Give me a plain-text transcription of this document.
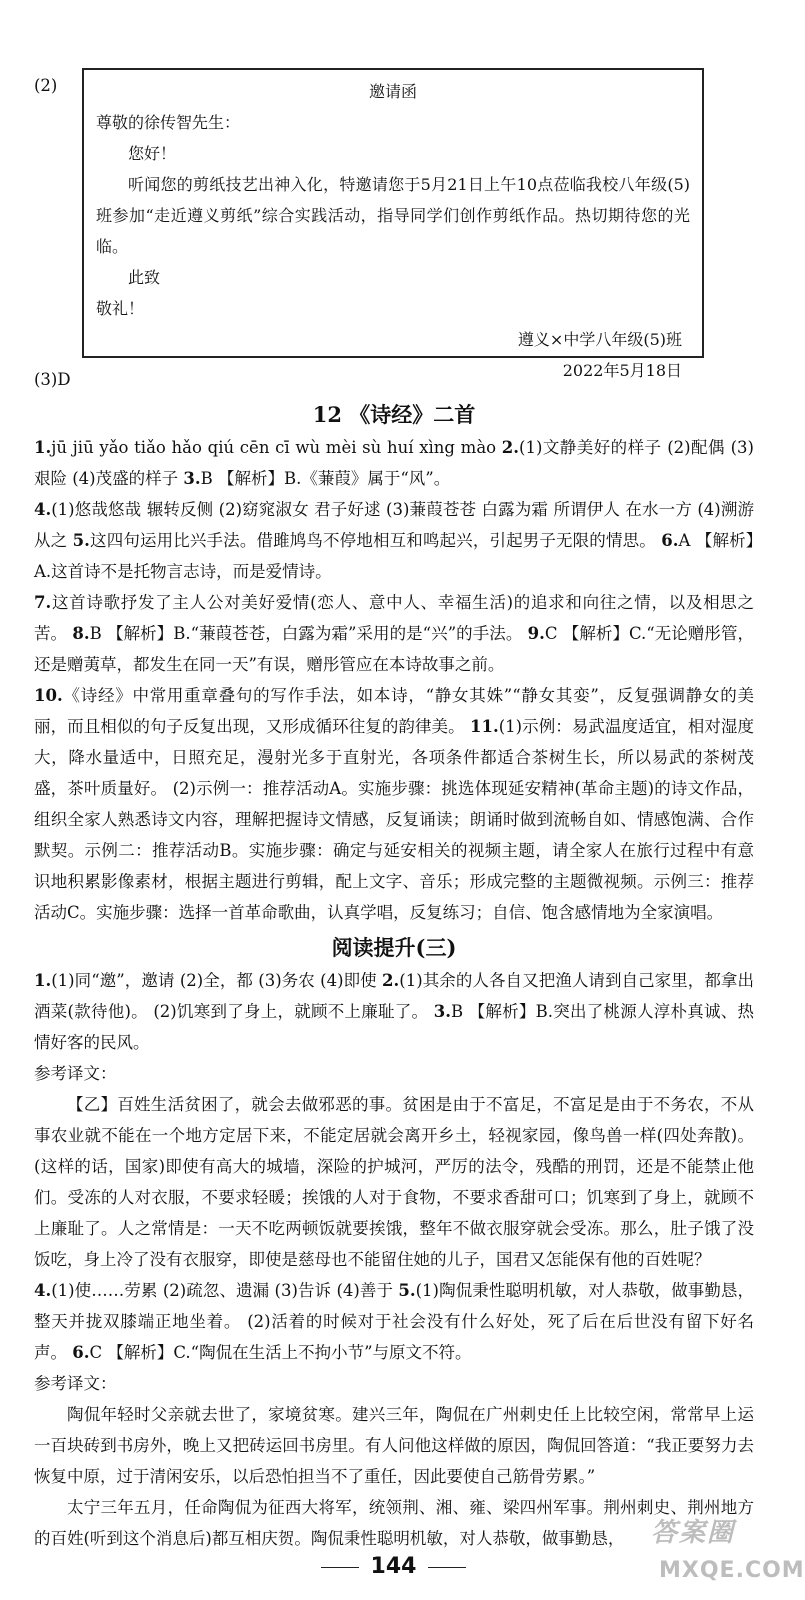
(2)	邀请函

尊敬的徐传智先生：

您好！

听闻您的剪纸技艺出神入化，特邀请您于5月21日上午10点莅临我校八年级(5)班参加“走近遵义剪纸”综合实践活动，指导同学们创作剪纸作品。热切期待您的光临。

此致

敬礼！

遵义×中学八年级(5)班

2022年5月18日

(3)D

12 《诗经》二首

1.jū jiū yǎo tiǎo hǎo qiú cēn cī wù mèi sù huí xìng mào 2.(1)文静美好的样子 (2)配偶 (3)艰险 (4)茂盛的样子 3.B 【解析】B.《蒹葭》属于“风”。

4.(1)悠哉悠哉 辗转反侧 (2)窈窕淑女 君子好逑 (3)蒹葭苍苍 白露为霜 所谓伊人 在水一方 (4)溯游从之 5.这四句运用比兴手法。借雎鸠鸟不停地相互和鸣起兴，引起男子无限的情思。 6.A 【解析】A.这首诗不是托物言志诗，而是爱情诗。

7.这首诗歌抒发了主人公对美好爱情(恋人、意中人、幸福生活)的追求和向往之情，以及相思之苦。 8.B 【解析】B.“蒹葭苍苍，白露为霜”采用的是“兴”的手法。 9.C 【解析】C.“无论赠彤管，还是赠荑草，都发生在同一天”有误，赠彤管应在本诗故事之前。

10.《诗经》中常用重章叠句的写作手法，如本诗，“静女其姝”“静女其娈”，反复强调静女的美丽，而且相似的句子反复出现，又形成循环往复的韵律美。 11.(1)示例：易武温度适宜，相对湿度大，降水量适中，日照充足，漫射光多于直射光，各项条件都适合茶树生长，所以易武的茶树茂盛，茶叶质量好。 (2)示例一：推荐活动A。实施步骤：挑选体现延安精神(革命主题)的诗文作品，组织全家人熟悉诗文内容，理解把握诗文情感，反复诵读；朗诵时做到流畅自如、情感饱满、合作默契。示例二：推荐活动B。实施步骤：确定与延安相关的视频主题，请全家人在旅行过程中有意识地积累影像素材，根据主题进行剪辑，配上文字、音乐；形成完整的主题微视频。示例三：推荐活动C。实施步骤：选择一首革命歌曲，认真学唱，反复练习；自信、饱含感情地为全家演唱。

阅读提升(三)

1.(1)同“邀”，邀请 (2)全，都 (3)务农 (4)即使 2.(1)其余的人各自又把渔人请到自己家里，都拿出酒菜(款待他)。 (2)饥寒到了身上，就顾不上廉耻了。 3.B 【解析】B.突出了桃源人淳朴真诚、热情好客的民风。

参考译文：

【乙】百姓生活贫困了，就会去做邪恶的事。贫困是由于不富足，不富足是由于不务农，不从事农业就不能在一个地方定居下来，不能定居就会离开乡土，轻视家园，像鸟兽一样(四处奔散)。(这样的话，国家)即使有高大的城墙，深险的护城河，严厉的法令，残酷的刑罚，还是不能禁止他们。受冻的人对衣服，不要求轻暖；挨饿的人对于食物，不要求香甜可口；饥寒到了身上，就顾不上廉耻了。人之常情是：一天不吃两顿饭就要挨饿，整年不做衣服穿就会受冻。那么，肚子饿了没饭吃，身上冷了没有衣服穿，即使是慈母也不能留住她的儿子，国君又怎能保有他的百姓呢？

4.(1)使……劳累 (2)疏忽、遗漏 (3)告诉 (4)善于 5.(1)陶侃秉性聪明机敏，对人恭敬，做事勤恳，整天并拢双膝端正地坐着。 (2)活着的时候对于社会没有什么好处，死了后在后世没有留下好名声。 6.C 【解析】C.“陶侃在生活上不拘小节”与原文不符。

参考译文：

陶侃年轻时父亲就去世了，家境贫寒。建兴三年，陶侃在广州刺史任上比较空闲，常常早上运一百块砖到书房外，晚上又把砖运回书房里。有人问他这样做的原因，陶侃回答道：“我正要努力去恢复中原，过于清闲安乐，以后恐怕担当不了重任，因此要使自己筋骨劳累。”

太宁三年五月，任命陶侃为征西大将军，统领荆、湘、雍、梁四州军事。荆州刺史、荆州地方的百姓(听到这个消息后)都互相庆贺。陶侃秉性聪明机敏，对人恭敬，做事勤恳，

144
答案圈
MXQE.COM
